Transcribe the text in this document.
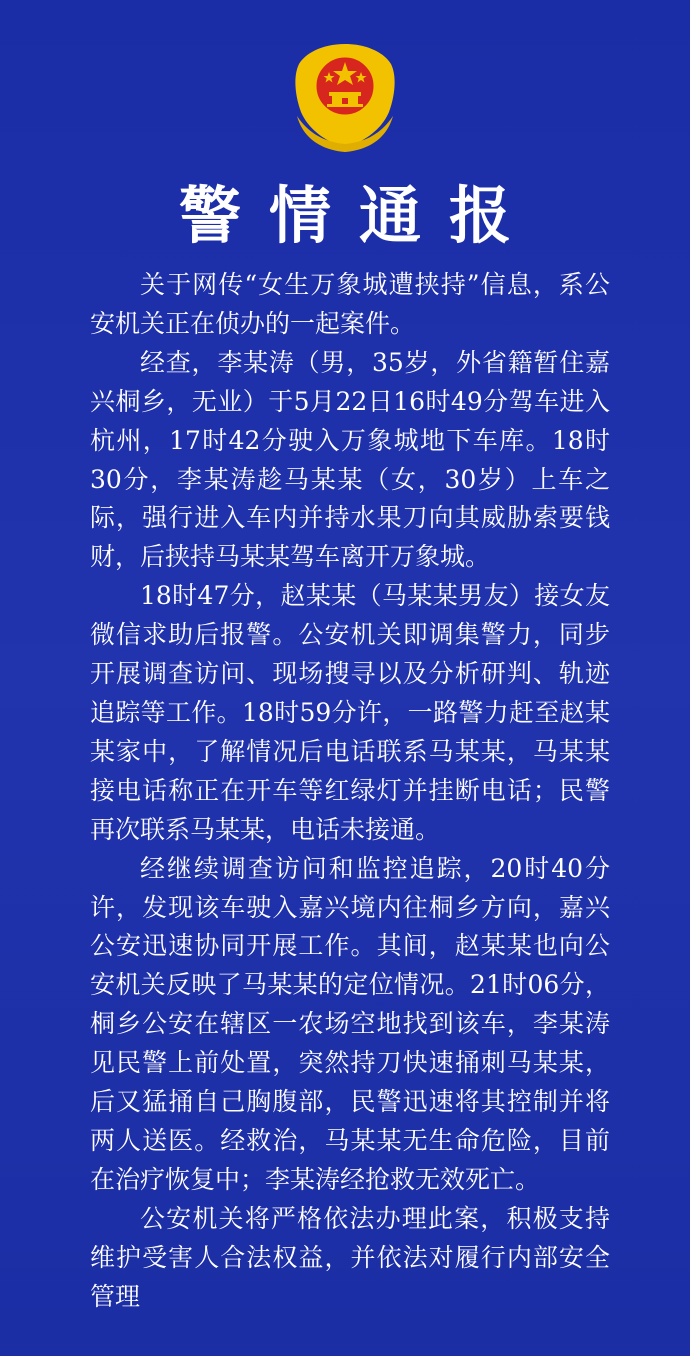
警情通报

关于网传“女生万象城遭挟持”信息，系公安机关正在侦办的一起案件。

经查，李某涛（男，35岁，外省籍暂住嘉兴桐乡，无业）于5月22日16时49分驾车进入杭州，17时42分驶入万象城地下车库。18时30分，李某涛趁马某某（女，30岁）上车之际，强行进入车内并持水果刀向其威胁索要钱财，后挟持马某某驾车离开万象城。

18时47分，赵某某（马某某男友）接女友微信求助后报警。公安机关即调集警力，同步开展调查访问、现场搜寻以及分析研判、轨迹追踪等工作。18时59分许，一路警力赶至赵某某家中，了解情况后电话联系马某某，马某某接电话称正在开车等红绿灯并挂断电话；民警再次联系马某某，电话未接通。

经继续调查访问和监控追踪，20时40分许，发现该车驶入嘉兴境内往桐乡方向，嘉兴公安迅速协同开展工作。其间，赵某某也向公安机关反映了马某某的定位情况。21时06分，桐乡公安在辖区一农场空地找到该车，李某涛见民警上前处置，突然持刀快速捅刺马某某，后又猛捅自己胸腹部，民警迅速将其控制并将两人送医。经救治，马某某无生命危险，目前在治疗恢复中；李某涛经抢救无效死亡。

公安机关将严格依法办理此案，积极支持维护受害人合法权益，并依法对履行内部安全管理
